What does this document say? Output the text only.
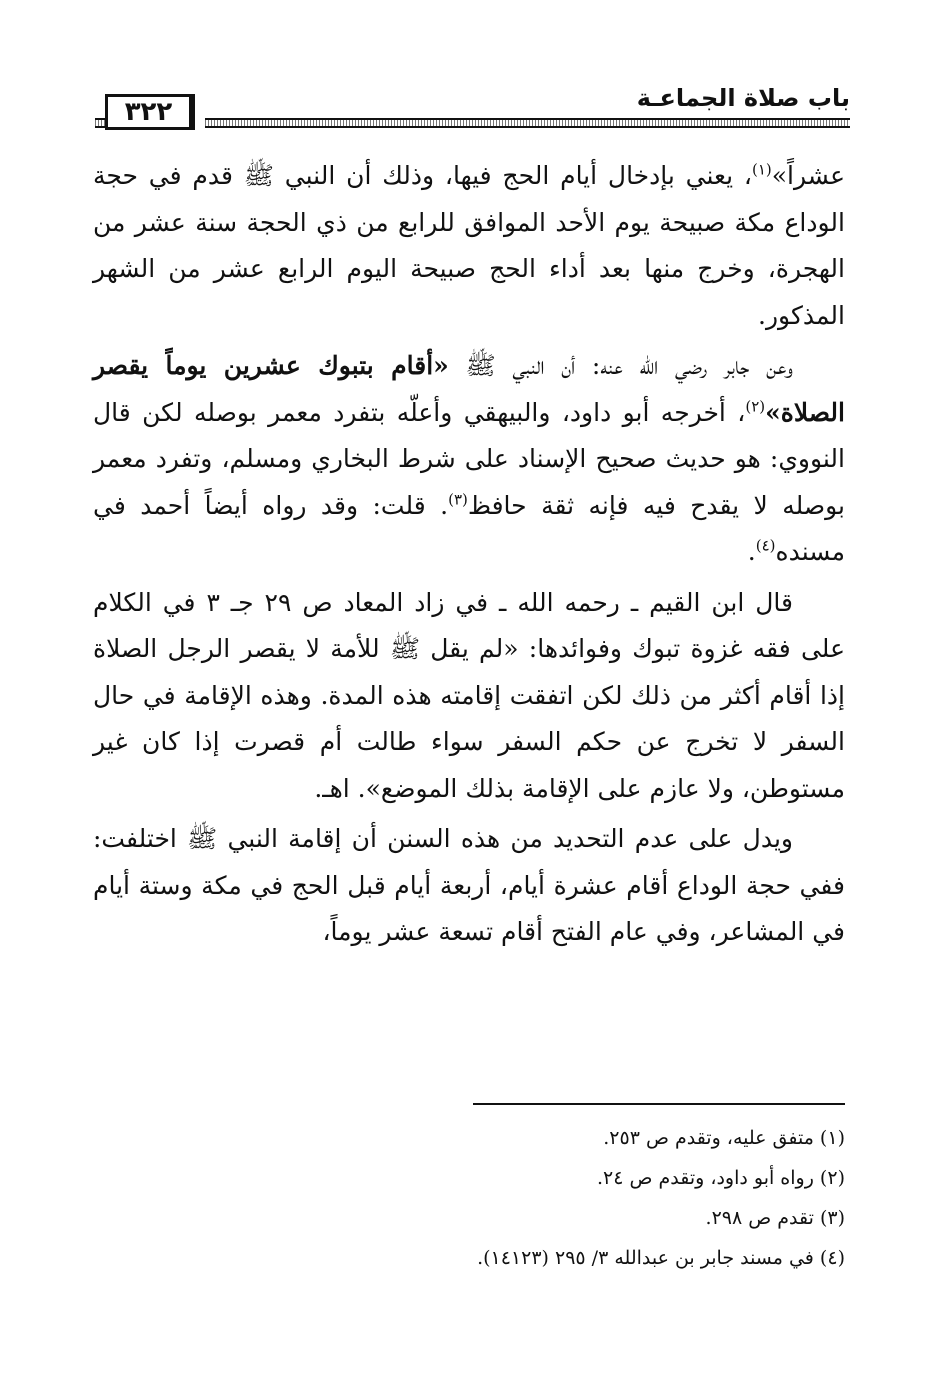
باب صلاة الجماعـة
٣٢٢

عشراً»$^{(١)}$، يعني بإدخال أيام الحج فيها، وذلك أن النبي ﷺ قدم في حجة الوداع مكة صبيحة يوم الأحد الموافق للرابع من ذي الحجة سنة عشر من الهجرة، وخرج منها بعد أداء الحج صبيحة اليوم الرابع عشر من الشهر المذكور.

وعن جابر رضي الله عنه: أن النبي ﷺ «أقام بتبوك عشرين يوماً يقصر الصلاة»$^{(٢)}$، أخرجه أبو داود، والبيهقي وأعلّه بتفرد معمر بوصله لكن قال النووي: هو حديث صحيح الإسناد على شرط البخاري ومسلم، وتفرد معمر بوصله لا يقدح فيه فإنه ثقة حافظ$^{(٣)}$. قلت: وقد رواه أيضاً أحمد في مسنده$^{(٤)}$.

قال ابن القيم ـ رحمه الله ـ في زاد المعاد ص ٢٩ جـ ٣ في الكلام على فقه غزوة تبوك وفوائدها: «لم يقل ﷺ للأمة لا يقصر الرجل الصلاة إذا أقام أكثر من ذلك لكن اتفقت إقامته هذه المدة. وهذه الإقامة في حال السفر لا تخرج عن حكم السفر سواء طالت أم قصرت إذا كان غير مستوطن، ولا عازم على الإقامة بذلك الموضع». اهـ.

ويدل على عدم التحديد من هذه السنن أن إقامة النبي ﷺ اختلفت: ففي حجة الوداع أقام عشرة أيام، أربعة أيام قبل الحج في مكة وستة أيام في المشاعر، وفي عام الفتح أقام تسعة عشر يوماً،

(١) متفق عليه، وتقدم ص ٢٥٣.
(٢) رواه أبو داود، وتقدم ص ٢٤.
(٣) تقدم ص ٢٩٨.
(٤) في مسند جابر بن عبدالله ٣/ ٢٩٥ (١٤١٢٣).
